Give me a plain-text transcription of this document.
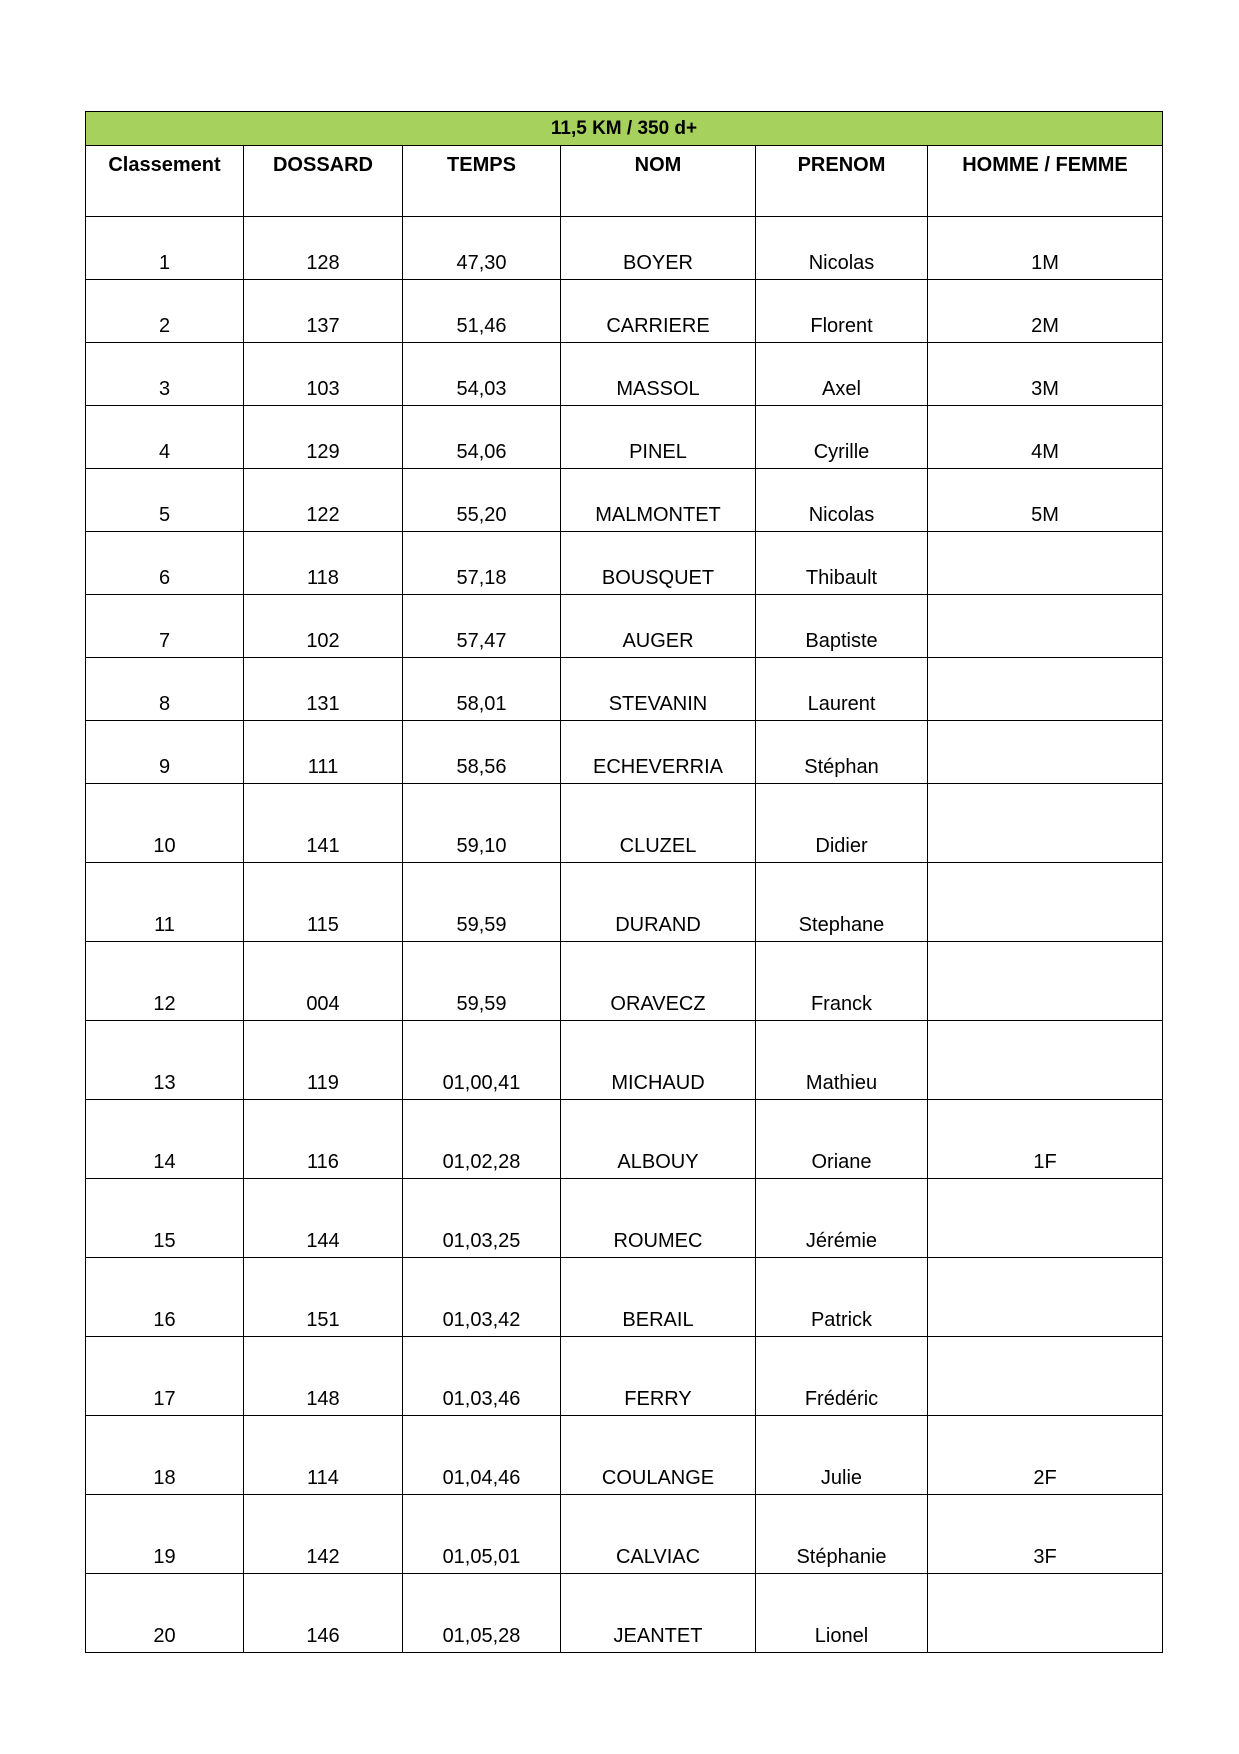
11,5 KM / 350 d+					
Classement	DOSSARD	TEMPS	NOM	PRENOM	HOMME / FEMME
1	128	47,30	BOYER	Nicolas	1M
2	137	51,46	CARRIERE	Florent	2M
3	103	54,03	MASSOL	Axel	3M
4	129	54,06	PINEL	Cyrille	4M
5	122	55,20	MALMONTET	Nicolas	5M
6	118	57,18	BOUSQUET	Thibault	
7	102	57,47	AUGER	Baptiste	
8	131	58,01	STEVANIN	Laurent	
9	111	58,56	ECHEVERRIA	Stéphan	
10	141	59,10	CLUZEL	Didier	
11	115	59,59	DURAND	Stephane	
12	004	59,59	ORAVECZ	Franck	
13	119	01,00,41	MICHAUD	Mathieu	
14	116	01,02,28	ALBOUY	Oriane	1F
15	144	01,03,25	ROUMEC	Jérémie	
16	151	01,03,42	BERAIL	Patrick	
17	148	01,03,46	FERRY	Frédéric	
18	114	01,04,46	COULANGE	Julie	2F
19	142	01,05,01	CALVIAC	Stéphanie	3F
20	146	01,05,28	JEANTET	Lionel	
